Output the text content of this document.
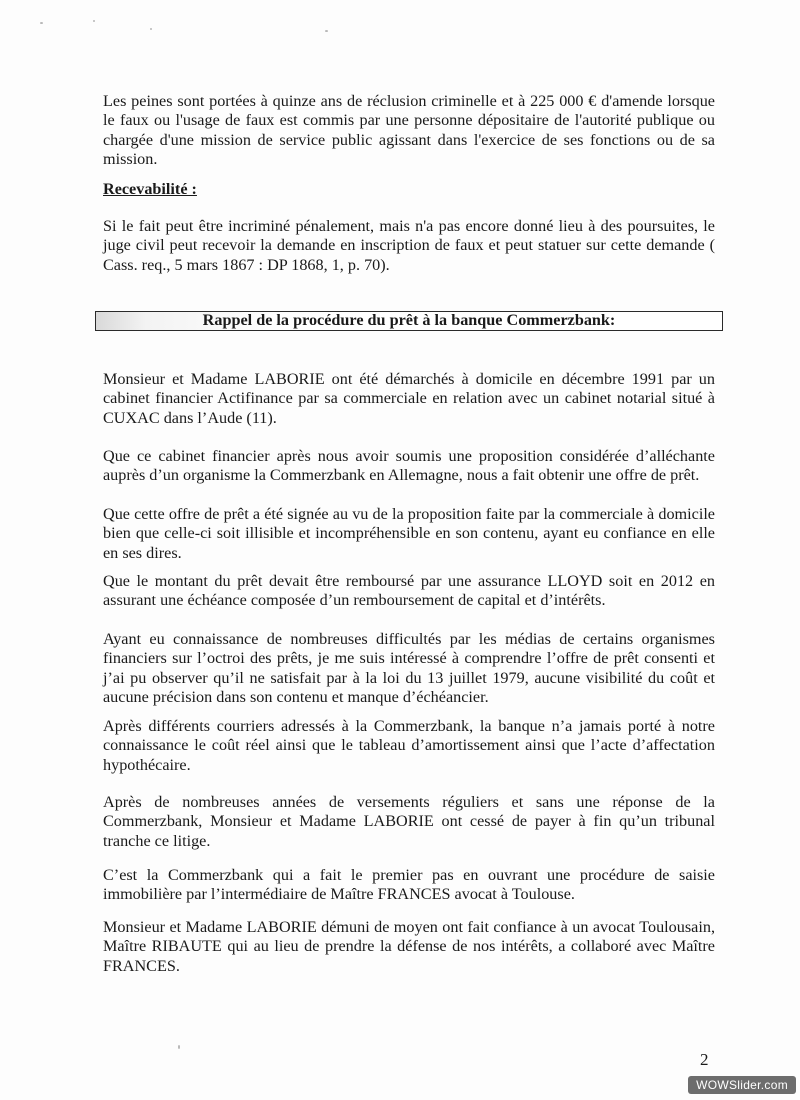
Les peines sont portées à quinze ans de réclusion criminelle et à 225 000 € d'amende lorsque le faux ou l'usage de faux est commis par une personne dépositaire de l'autorité publique ou chargée d'une mission de service public agissant dans l'exercice de ses fonctions ou de sa mission.

Recevabilité :

Si le fait peut être incriminé pénalement, mais n'a pas encore donné lieu à des poursuites, le juge civil peut recevoir la demande en inscription de faux et peut statuer sur cette demande ( Cass. req., 5 mars 1867 : DP 1868, 1, p. 70).

Rappel de la procédure du prêt à la banque Commerzbank:

Monsieur et Madame LABORIE ont été démarchés à domicile en décembre 1991 par un cabinet financier Actifinance par sa commerciale en relation avec un cabinet notarial situé à CUXAC dans l’Aude (11).

Que ce cabinet financier après nous avoir soumis une proposition considérée d’alléchante auprès d’un organisme la Commerzbank en Allemagne, nous a fait obtenir une offre de prêt.

Que cette offre de prêt a été signée au vu de la proposition faite par la commerciale à domicile bien que celle-ci soit illisible et incompréhensible en son contenu, ayant eu confiance en elle en ses dires.

Que le montant du prêt devait être remboursé par une assurance LLOYD soit en 2012 en assurant une échéance composée d’un remboursement de capital et d’intérêts.

Ayant eu connaissance de nombreuses difficultés par les médias de certains organismes financiers sur l’octroi des prêts, je me suis intéressé à comprendre l’offre de prêt consenti et j’ai pu observer qu’il ne satisfait par à la loi du 13 juillet 1979, aucune visibilité du coût et aucune précision dans son contenu et manque d’échéancier.

Après différents courriers adressés à la Commerzbank, la banque n’a jamais porté à notre connaissance le coût réel ainsi que le tableau d’amortissement ainsi que l’acte d’affectation hypothécaire.

Après de nombreuses années de versements réguliers et sans une réponse de la Commerzbank, Monsieur et Madame LABORIE ont cessé de payer à fin qu’un tribunal tranche ce litige.

C’est la Commerzbank qui a fait le premier pas en ouvrant une procédure de saisie immobilière par l’intermédiaire de Maître FRANCES avocat à Toulouse.

Monsieur et Madame LABORIE démuni de moyen ont fait confiance à un avocat Toulousain, Maître RIBAUTE qui au lieu de prendre la défense de nos intérêts, a collaboré avec Maître FRANCES.

2
WOWSlider.com
